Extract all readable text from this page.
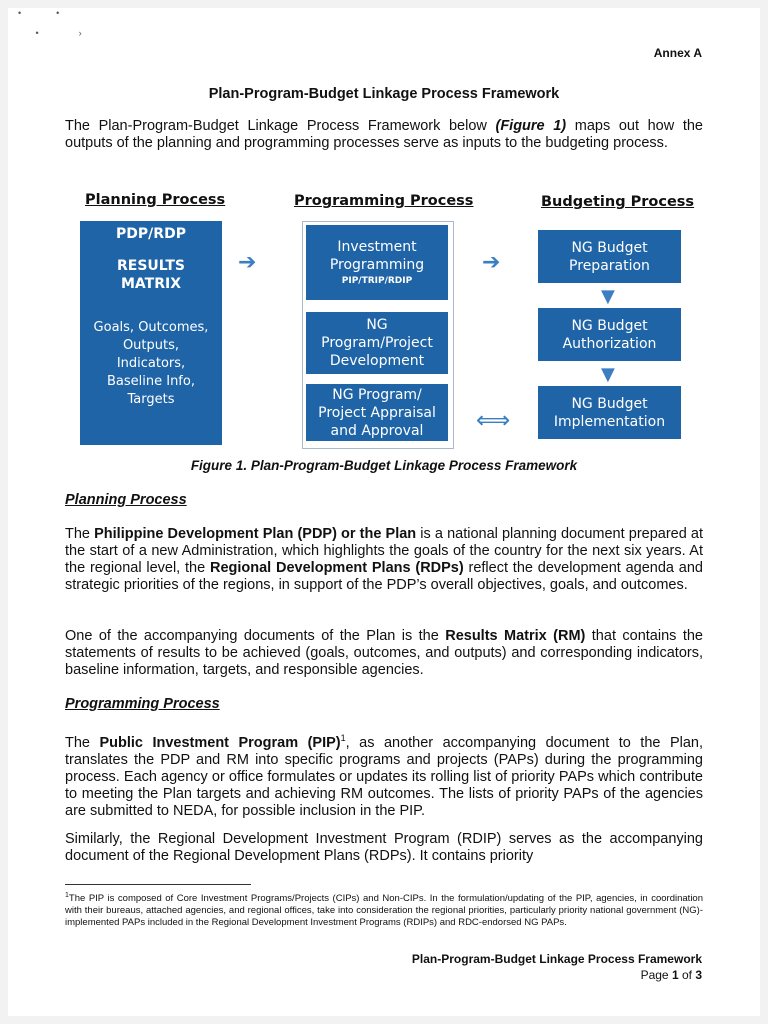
•              •

•                ›
Annex A
Plan-Program-Budget Linkage Process Framework

The Plan-Program-Budget Linkage Process Framework below (Figure 1) maps out how the outputs of the planning and programming processes serve as inputs to the budgeting process.

Planning Process	Programming Process	Budgeting Process
PDP/RDP
RESULTS
MATRIX
Goals, Outcomes,
Outputs,
Indicators,
Baseline Info,
Targets
➔
Investment
Programming
PIP/TRIP/RDIP
NG
Program/Project
Development
NG Program/
Project Appraisal
and Approval
➔
⟺
NG Budget
Preparation
▼
NG Budget
Authorization
▼
NG Budget
Implementation
Figure 1. Plan-Program-Budget Linkage Process Framework
Planning Process

The Philippine Development Plan (PDP) or the Plan is a national planning document prepared at the start of a new Administration, which highlights the goals of the country for the next six years. At the regional level, the Regional Development Plans (RDPs) reflect the development agenda and strategic priorities of the regions, in support of the PDP’s overall objectives, goals, and outcomes.

One of the accompanying documents of the Plan is the Results Matrix (RM) that contains the statements of results to be achieved (goals, outcomes, and outputs) and corresponding indicators, baseline information, targets, and responsible agencies.

Programming Process

The Public Investment Program (PIP)$^1$, as another accompanying document to the Plan, translates the PDP and RM into specific programs and projects (PAPs) during the programming process. Each agency or office formulates or updates its rolling list of priority PAPs which contribute to meeting the Plan targets and achieving RM outcomes. The lists of priority PAPs of the agencies are submitted to NEDA, for possible inclusion in the PIP.

Similarly, the Regional Development Investment Program (RDIP) serves as the accompanying document of the Regional Development Plans (RDPs). It contains priority

$^1$The PIP is composed of Core Investment Programs/Projects (CIPs) and Non-CIPs. In the formulation/updating of the PIP, agencies, in coordination with their bureaus, attached agencies, and regional offices, take into consideration the regional priorities, particularly priority national government (NG)-implemented PAPs included in the Regional Development Investment Programs (RDIPs) and RDC-endorsed NG PAPs.

Plan-Program-Budget Linkage Process Framework
Page 1 of 3
